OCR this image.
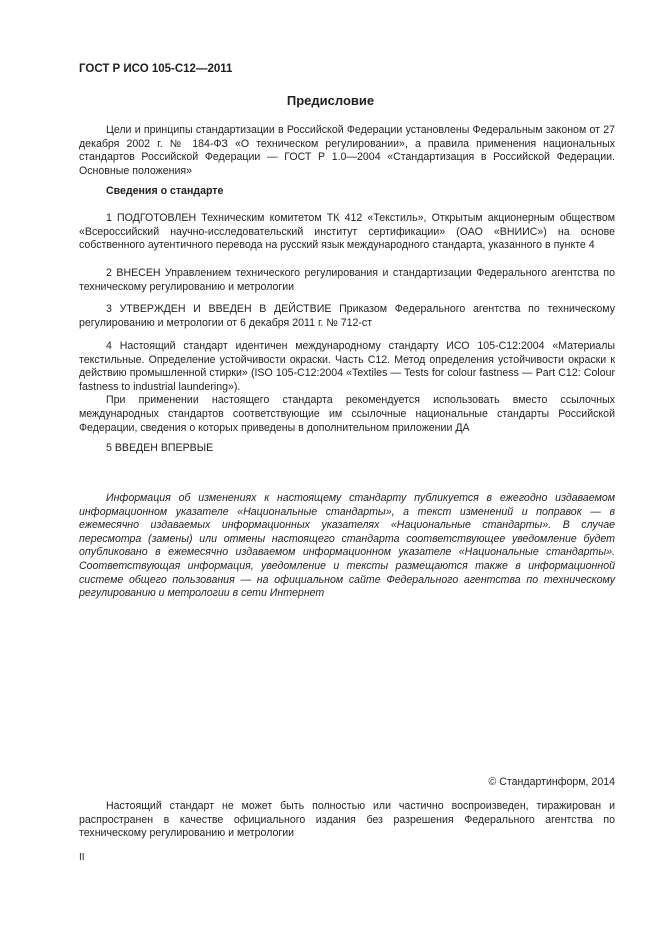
ГОСТ Р ИСО 105-С12—2011
Предисловие

Цели и принципы стандартизации в Российской Федерации установлены Федеральным законом от 27 декабря 2002 г. № 184-ФЗ «О техническом регулировании», а правила применения национальных стандартов Российской Федерации — ГОСТ Р 1.0—2004 «Стандартизация в Российской Федерации. Основные положения»

Сведения о стандарте

1 ПОДГОТОВЛЕН Техническим комитетом ТК 412 «Текстиль», Открытым акционерным обществом «Всероссийский научно-исследовательский институт сертификации» (ОАО «ВНИИС») на основе собственного аутентичного перевода на русский язык международного стандарта, указанного в пункте 4

2 ВНЕСЕН Управлением технического регулирования и стандартизации Федерального агентства по техническому регулированию и метрологии

3 УТВЕРЖДЕН И ВВЕДЕН В ДЕЙСТВИЕ Приказом Федерального агентства по техническому регулированию и метрологии от 6 декабря 2011 г. № 712-ст

4 Настоящий стандарт идентичен международному стандарту ИСО 105-С12:2004 «Материалы текстильные. Определение устойчивости окраски. Часть С12. Метод определения устойчивости окраски к действию промышленной стирки» (ISO 105-С12:2004 «Textiles — Tests for colour fastness — Part C12: Colour fastness to industrial laundering»).

При применении настоящего стандарта рекомендуется использовать вместо ссылочных международных стандартов соответствующие им ссылочные национальные стандарты Российской Федерации, сведения о которых приведены в дополнительном приложении ДА

5 ВВЕДЕН ВПЕРВЫЕ

Информация об изменениях к настоящему стандарту публикуется в ежегодно издаваемом информационном указателе «Национальные стандарты», а текст изменений и поправок — в ежемесячно издаваемых информационных указателях «Национальные стандарты». В случае пересмотра (замены) или отмены настоящего стандарта соответствующее уведомление будет опубликовано в ежемесячно издаваемом информационном указателе «Национальные стандарты». Соответствующая информация, уведомление и тексты размещаются также в информационной системе общего пользования — на официальном сайте Федерального агентства по техническому регулированию и метрологии в сети Интернет

© Стандартинформ, 2014

Настоящий стандарт не может быть полностью или частично воспроизведен, тиражирован и распространен в качестве официального издания без разрешения Федерального агентства по техническому регулированию и метрологии

II
